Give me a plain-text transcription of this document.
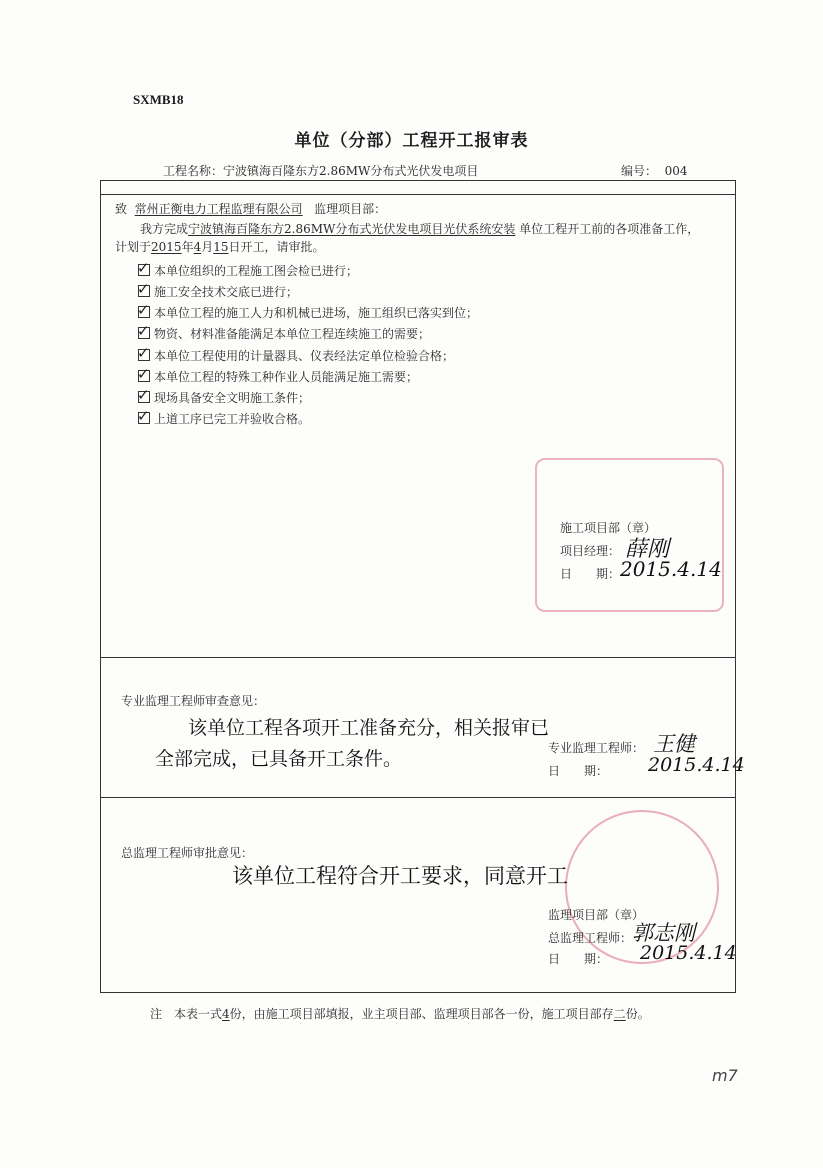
SXMB18
单位（分部）工程开工报审表
工程名称：宁波镇海百隆东方2.86MW分布式光伏发电项目	编号： 004
致 常州正衡电力工程监理有限公司 监理项目部：
我方完成宁波镇海百隆东方2.86MW分布式光伏发电项目光伏系统安装 单位工程开工前的各项准备工作，
计划于2015年4月15日开工，请审批。
✓本单位组织的工程施工图会检已进行；
✓施工安全技术交底已进行；
✓本单位工程的施工人力和机械已进场，施工组织已落实到位；
✓物资、材料准备能满足本单位工程连续施工的需要；
✓本单位工程使用的计量器具、仪表经法定单位检验合格；
✓本单位工程的特殊工种作业人员能满足施工需要；
✓现场具备安全文明施工条件；
✓上道工序已完工并验收合格。
施工项目部（章）
项目经理： 薛刚
日　　期： 2015.4.14
专业监理工程师审查意见：
该单位工程各项开工准备充分，相关报审已
全部完成，已具备开工条件。	专业监理工程师： 王健
日　　期： 2015.4.14
总监理工程师审批意见：
该单位工程符合开工要求，同意开工
监理项目部（章）
总监理工程师： 郭志刚
日　　期： 2015.4.14
注　本表一式4份，由施工项目部填报，业主项目部、监理项目部各一份，施工项目部存二份。
m7
